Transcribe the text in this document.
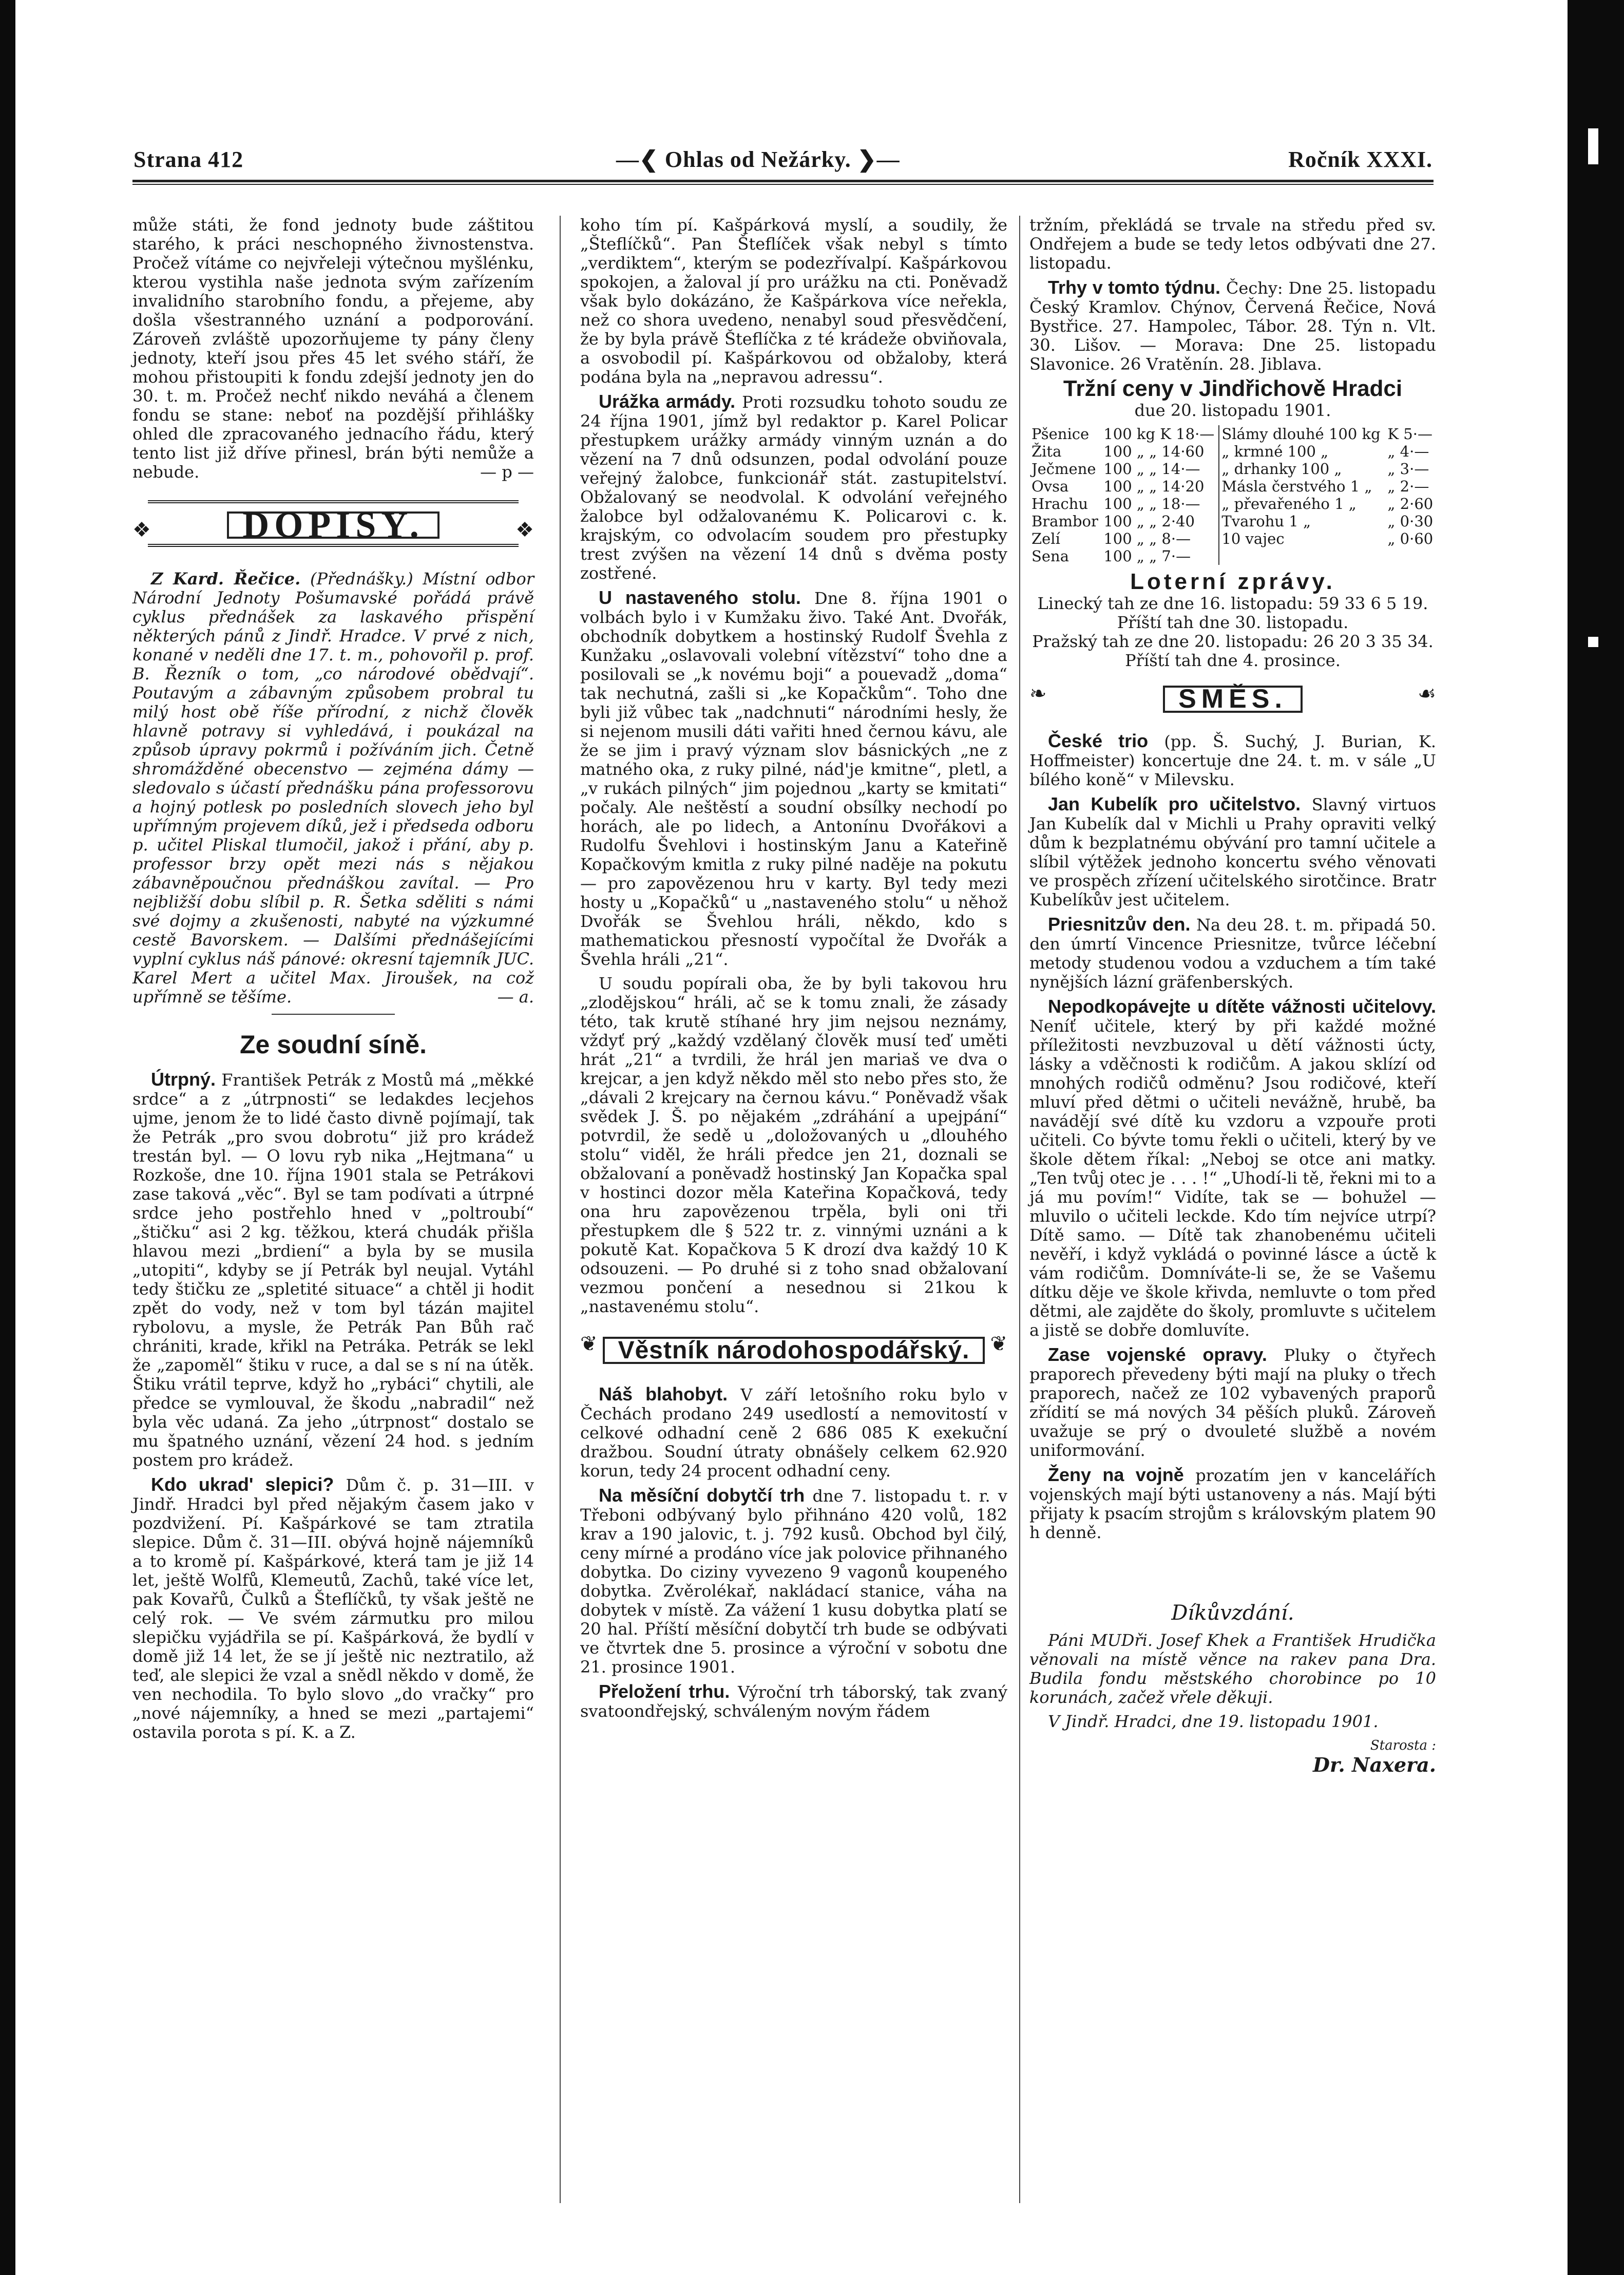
Strana 412	—❮ Ohlas od Nežárky. ❯—	Ročník XXXI.

může státi, že fond jednoty bude záštitou starého, k práci neschopného živnostenstva. Pročež vítáme co nejvřeleji výtečnou myšlénku, kterou vystihla naše jednota svým zařízením invalidního starobního fondu, a přejeme, aby došla všestranného uznání a podporování. Zároveň zvláště upozorňujeme ty pány členy jednoty, kteří jsou přes 45 let svého stáří, že mohou přistoupiti k fondu zdejší jednoty jen do 30. t. m. Pročež nechť nikdo neváhá a členem fondu se stane: neboť na pozdější přihlášky ohled dle zpracovaného jednacího řádu, který tento list již dříve přinesl, brán býti nemůže a nebude.	— p —

❖ DOPISY.	❖

Z Kard. Řečice. (Přednášky.) Místní odbor Národní Jednoty Pošumavské pořádá právě cyklus přednášek za laskavého přispění některých pánů z Jindř. Hradce. V prvé z nich, konané v neděli dne 17. t. m., pohovořil p. prof. B. Řezník o tom, „co národové obědvají“. Poutavým a zábavným způsobem probral tu milý host obě říše přírodní, z nichž člověk hlavně potravy si vyhledává, i poukázal na způsob úpravy pokrmů i požíváním jich. Četně shromážděné obecenstvo — zejména dámy — sledovalo s účastí přednášku pána professorovu a hojný potlesk po posledních slovech jeho byl upřímným projevem díků, jež i předseda odboru p. učitel Pliskal tlumočil, jakož i přání, aby p. professor brzy opět mezi nás s nějakou zábavněpoučnou přednáškou zavítal. — Pro nejbližší dobu slíbil p. R. Šetka sděliti s námi své dojmy a zkušenosti, nabyté na výzkumné cestě Bavorskem. — Dalšími přednášejícími vyplní cyklus náš pánové: okresní tajemník JUC. Karel Mert a učitel Max. Jiroušek, na což upřímně se těšíme.	— a.

Ze soudní síně.

Útrpný. František Petrák z Mostů má „měkké srdce“ a z „útrpnosti“ se ledakdes lecjehos ujme, jenom že to lidé často divně pojímají, tak že Petrák „pro svou dobrotu“ již pro krádež trestán byl. — O lovu ryb nika „Hejtmana“ u Rozkoše, dne 10. října 1901 stala se Petrákovi zase taková „věc“. Byl se tam podívati a útrpné srdce jeho postřehlo hned v „poltroubí“ „štičku“ asi 2 kg. těžkou, která chudák přišla hlavou mezi „brdiení“ a byla by se musila „utopiti“, kdyby se jí Petrák byl neujal. Vytáhl tedy štičku ze „spletité situace“ a chtěl ji hodit zpět do vody, než v tom byl tázán majitel rybolovu, a mysle, že Petrák Pan Bůh rač chrániti, krade, křikl na Petráka. Petrák se lekl že „zapoměl“ štiku v ruce, a dal se s ní na útěk. Štiku vrátil teprve, když ho „rybáci“ chytili, ale předce se vymlouval, že škodu „nabradil“ než byla věc udaná. Za jeho „útrpnost“ dostalo se mu špatného uznání, vězení 24 hod. s jedním postem pro krádež.

Kdo ukrad' slepici? Dům č. p. 31—III. v Jindř. Hradci byl před nějakým časem jako v pozdvižení. Pí. Kašpárkové se tam ztratila slepice. Dům č. 31—III. obývá hojně nájemníků a to kromě pí. Kašpárkové, která tam je již 14 let, ještě Wolfů, Klemeutů, Zachů, také více let, pak Kovařů, Čulků a Šteflíčků, ty však ještě ne celý rok. — Ve svém zármutku pro milou slepičku vyjádřila se pí. Kašpárková, že bydlí v domě již 14 let, že se jí ještě nic neztratilo, až teď, ale slepici že vzal a snědl někdo v domě, že ven nechodila. To bylo slovo „do vračky“ pro „nové nájemníky, a hned se mezi „partajemi“ ostavila porota s pí. K. a Z.

koho tím pí. Kašpárková myslí, a soudily, že „Šteflíčků“. Pan Šteflíček však nebyl s tímto „verdiktem“, kterým se podezřívalpí. Kašpárkovou spokojen, a žaloval jí pro urážku na cti. Poněvadž však bylo dokázáno, že Kašpárkova více neřekla, než co shora uvedeno, nenabyl soud přesvědčení, že by byla právě Šteflíčka z té krádeže obviňovala, a osvobodil pí. Kašpárkovou od obžaloby, která podána byla na „nepravou adressu“.

Urážka armády. Proti rozsudku tohoto soudu ze 24 října 1901, jímž byl redaktor p. Karel Policar přestupkem urážky armády vinným uznán a do vězení na 7 dnů odsunzen, podal odvolání pouze veřejný žalobce, funkcionář stát. zastupitelství. Obžalovaný se neodvolal. K odvolání veřejného žalobce byl odžalovanému K. Policarovi c. k. krajským, co odvolacím soudem pro přestupky trest zvýšen na vězení 14 dnů s dvěma posty zostřené.

U nastaveného stolu. Dne 8. října 1901 o volbách bylo i v Kumžaku živo. Také Ant. Dvořák, obchodník dobytkem a hostinský Rudolf Švehla z Kunžaku „oslavovali volební vítězství“ toho dne a posilovali se „k novému boji“ a pouevadž „doma“ tak nechutná, zašli si „ke Kopačkům“. Toho dne byli již vůbec tak „nadchnuti“ národními hesly, že si nejenom musili dáti vařiti hned černou kávu, ale že se jim i pravý význam slov básnických „ne z matného oka, z ruky pilné, nád'je kmitne“, pletl, a „v rukách pilných“ jim pojednou „karty se kmitati“ počaly. Ale neštěstí a soudní obsílky nechodí po horách, ale po lidech, a Antonínu Dvořákovi a Rudolfu Švehlovi i hostinským Janu a Kateřině Kopačkovým kmitla z ruky pilné naděje na pokutu — pro zapovězenou hru v karty. Byl tedy mezi hosty u „Kopačků“ u „nastaveného stolu“ u něhož Dvořák se Švehlou hráli, někdo, kdo s mathematickou přesností vypočítal že Dvořák a Švehla hráli „21“.

U soudu popírali oba, že by byli takovou hru „zlodějskou“ hráli, ač se k tomu znali, že zásady této, tak krutě stíhané hry jim nejsou neznámy, vždyť prý „každý vzdělaný člověk musí teď uměti hrát „21“ a tvrdili, že hrál jen mariaš ve dva o krejcar, a jen když někdo měl sto nebo přes sto, že „dávali 2 krejcary na černou kávu.“ Poněvadž však svědek J. Š. po nějakém „zdráhání a upejpání“ potvrdil, že sedě u „doložovaných u „dlouhého stolu“ viděl, že hráli předce jen 21, doznali se obžalovaní a poněvadž hostinský Jan Kopačka spal v hostinci dozor měla Kateřina Kopačková, tedy ona hru zapovězenou trpěla, byli oni tři přestupkem dle § 522 tr. z. vinnými uznáni a k pokutě Kat. Kopačkova 5 K drozí dva každý 10 K odsouzeni. — Po druhé si z toho snad obžalovaní vezmou pončení a nesednou si 21kou k „nastavenému stolu“.

❦ Věstník národohospodářský. ❦

Náš blahobyt. V září letošního roku bylo v Čechách prodano 249 usedlostí a nemovitostí v celkové odhadní ceně 2 686 085 K exekuční dražbou. Soudní útraty obnášely celkem 62.920 korun, tedy 24 procent odhadní ceny.

Na měsíční dobytčí trh dne 7. listopadu t. r. v Třeboni odbývaný bylo přihnáno 420 volů, 182 krav a 190 jalovic, t. j. 792 kusů. Obchod byl čilý, ceny mírné a prodáno více jak polovice přihnaného dobytka. Do ciziny vyvezeno 9 vagonů koupeného dobytka. Zvěrolékař, nakládací stanice, váha na dobytek v místě. Za vážení 1 kusu dobytka platí se 20 hal. Příští měsíční dobytčí trh bude se odbývati ve čtvrtek dne 5. prosince a výroční v sobotu dne 21. prosince 1901.

Přeložení trhu. Výroční trh táborský, tak zvaný svatoondřejský, schváleným novým řádem

tržním, překládá se trvale na středu před sv. Ondřejem a bude se tedy letos odbývati dne 27. listopadu.

Trhy v tomto týdnu. Čechy: Dne 25. listopadu Český Kramlov. Chýnov, Červená Řečice, Nová Bystřice. 27. Hampolec, Tábor. 28. Týn n. Vlt. 30. Lišov. — Morava: Dne 25. listopadu Slavonice. 26 Vratěnín. 28. Jiblava.

Tržní ceny v Jindřichově Hradci

due 20. listopadu 1901.

Pšenice	100 kg K 18·—	Slámy dlouhé 100 kg	K 5·—
Žita	100 „ „ 14·60	„ krmné 100 „	„ 4·—
Ječmene	100 „ „ 14·—	„ drhanky 100 „	„ 3·—
Ovsa	100 „ „ 14·20	Másla čerstvého 1 „	„ 2·—
Hrachu	100 „ „ 18·—	„ převařeného 1 „	„ 2·60
Brambor	100 „ „ 2·40	Tvarohu 1 „	„ 0·30
Zelí	100 „ „ 8·—	10 vajec	„ 0·60
Sena	100 „ „ 7·—		
Loterní zprávy.

Linecký tah ze dne 16. listopadu: 59 33 6 5 19.

Příští tah dne 30. listopadu.

Pražský tah ze dne 20. listopadu: 26 20 3 35 34.

Příští tah dne 4. prosince.

❧	SMĚS.	☙

České trio (pp. Š. Suchý, J. Burian, K. Hoffmeister) koncertuje dne 24. t. m. v sále „U bílého koně“ v Milevsku.

Jan Kubelík pro učitelstvo. Slavný virtuos Jan Kubelík dal v Michli u Prahy opraviti velký dům k bezplatnému obývání pro tamní učitele a slíbil výtěžek jednoho koncertu svého věnovati ve prospěch zřízení učitelského sirotčince. Bratr Kubelíkův jest učitelem.

Priesnitzův den. Na deu 28. t. m. připadá 50. den úmrtí Vincence Priesnitze, tvůrce léčební metody studenou vodou a vzduchem a tím také nynějších lázní gräfenberských.

Nepodkopávejte u dítěte vážnosti učitelovy. Neníť učitele, který by při každé možné příležitosti nevzbuzoval u dětí vážnosti úcty, lásky a vděčnosti k rodičům. A jakou sklízí od mnohých rodičů odměnu? Jsou rodičové, kteří mluví před dětmi o učiteli nevážně, hrubě, ba navádějí své dítě ku vzdoru a vzpouře proti učiteli. Co bývte tomu řekli o učiteli, který by ve škole dětem říkal: „Neboj se otce ani matky. „Ten tvůj otec je . . . !“ „Uhodí-li tě, řekni mi to a já mu povím!“ Vidíte, tak se — bohužel — mluvilo o učiteli leckde. Kdo tím nejvíce utrpí? Dítě samo. — Dítě tak zhanobenému učiteli nevěří, i když vykládá o povinné lásce a úctě k vám rodičům. Domníváte-li se, že se Vašemu dítku děje ve škole křivda, nemluvte o tom před dětmi, ale zajděte do školy, promluvte s učitelem a jistě se dobře domluvíte.

Zase vojenské opravy. Pluky o čtyřech praporech převedeny býti mají na pluky o třech praporech, načež ze 102 vybavených praporů zřídití se má nových 34 pěších pluků. Zároveň uvažuje se prý o dvouleté službě a novém uniformování.

Ženy na vojně prozatím jen v kancelářích vojenských mají býti ustanoveny a nás. Mají býti přijaty k psacím strojům s královským platem 90 h denně.

Díkůvzdání.

Páni MUDři. Josef Khek a František Hrudička věnovali na místě věnce na rakev pana Dra. Budila fondu městského chorobince po 10 korunách, začež vřele děkuji.

V Jindř. Hradci, dne 19. listopadu 1901.

Starosta :

Dr. Naxera.
